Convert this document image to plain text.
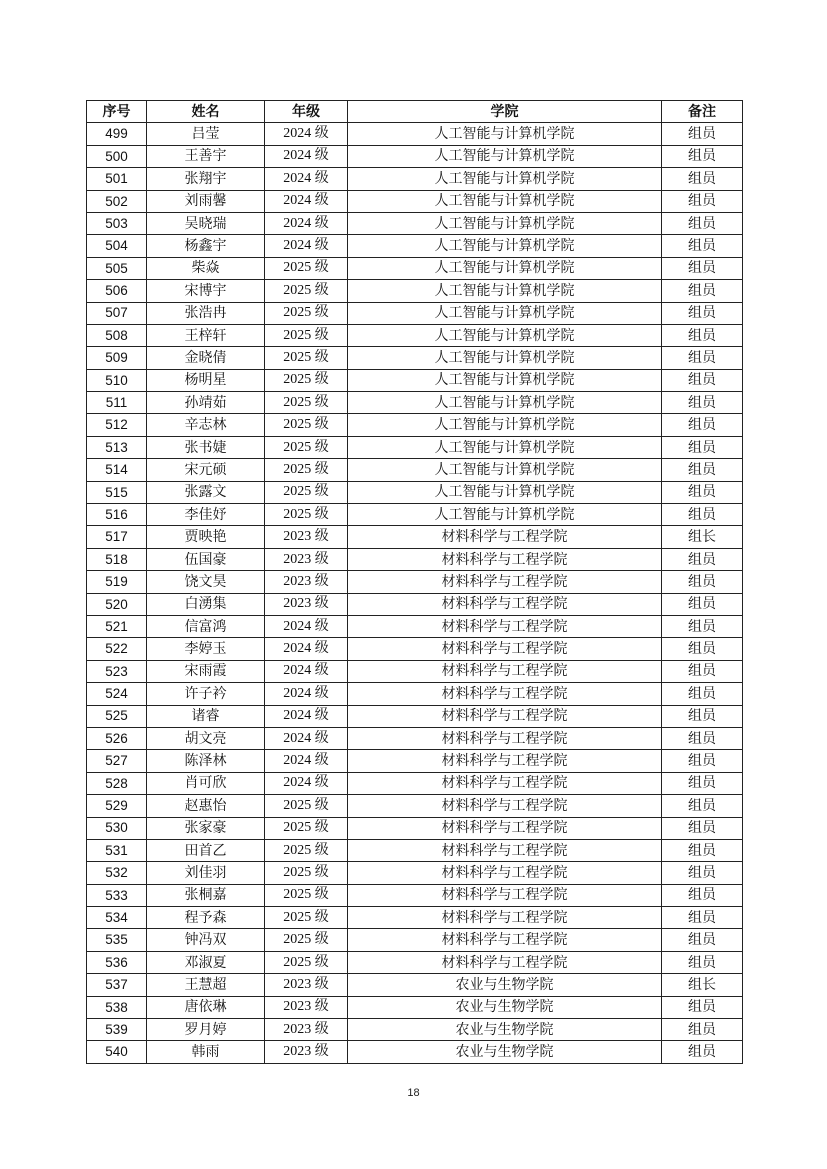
序号	姓名	年级	学院	备注
499	吕莹	2024 级	人工智能与计算机学院	组员
500	王善宇	2024 级	人工智能与计算机学院	组员
501	张翔宇	2024 级	人工智能与计算机学院	组员
502	刘雨馨	2024 级	人工智能与计算机学院	组员
503	吴晓瑞	2024 级	人工智能与计算机学院	组员
504	杨鑫宇	2024 级	人工智能与计算机学院	组员
505	柴焱	2025 级	人工智能与计算机学院	组员
506	宋博宇	2025 级	人工智能与计算机学院	组员
507	张浩冉	2025 级	人工智能与计算机学院	组员
508	王梓轩	2025 级	人工智能与计算机学院	组员
509	金晓倩	2025 级	人工智能与计算机学院	组员
510	杨明星	2025 级	人工智能与计算机学院	组员
511	孙靖茹	2025 级	人工智能与计算机学院	组员
512	辛志林	2025 级	人工智能与计算机学院	组员
513	张书婕	2025 级	人工智能与计算机学院	组员
514	宋元硕	2025 级	人工智能与计算机学院	组员
515	张露文	2025 级	人工智能与计算机学院	组员
516	李佳妤	2025 级	人工智能与计算机学院	组员
517	贾映艳	2023 级	材料科学与工程学院	组长
518	伍国豪	2023 级	材料科学与工程学院	组员
519	饶文昊	2023 级	材料科学与工程学院	组员
520	白湧集	2023 级	材料科学与工程学院	组员
521	信富鸿	2024 级	材料科学与工程学院	组员
522	李婷玉	2024 级	材料科学与工程学院	组员
523	宋雨霞	2024 级	材料科学与工程学院	组员
524	许子衿	2024 级	材料科学与工程学院	组员
525	诸睿	2024 级	材料科学与工程学院	组员
526	胡文亮	2024 级	材料科学与工程学院	组员
527	陈泽林	2024 级	材料科学与工程学院	组员
528	肖可欣	2024 级	材料科学与工程学院	组员
529	赵惠怡	2025 级	材料科学与工程学院	组员
530	张家豪	2025 级	材料科学与工程学院	组员
531	田首乙	2025 级	材料科学与工程学院	组员
532	刘佳羽	2025 级	材料科学与工程学院	组员
533	张桐嘉	2025 级	材料科学与工程学院	组员
534	程予森	2025 级	材料科学与工程学院	组员
535	钟冯双	2025 级	材料科学与工程学院	组员
536	邓淑夏	2025 级	材料科学与工程学院	组员
537	王慧超	2023 级	农业与生物学院	组长
538	唐依琳	2023 级	农业与生物学院	组员
539	罗月婷	2023 级	农业与生物学院	组员
540	韩雨	2023 级	农业与生物学院	组员
18
